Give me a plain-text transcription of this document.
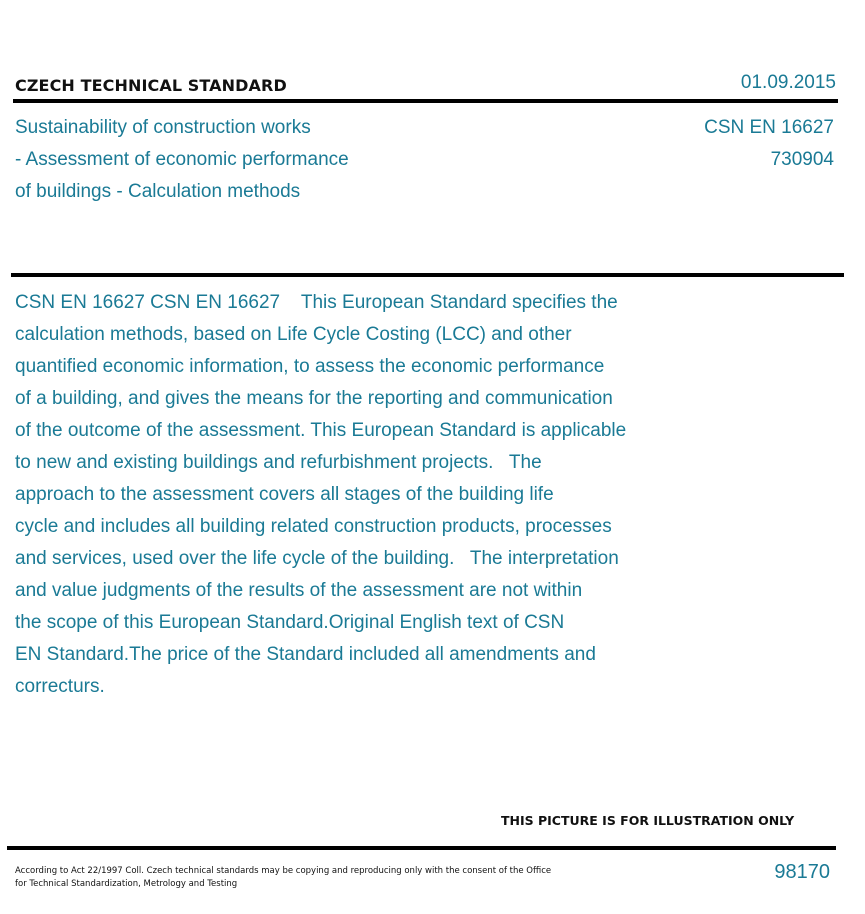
CZECH TECHNICAL STANDARD	01.09.2015
Sustainability of construction works
- Assessment of economic performance
of buildings - Calculation methods
CSN EN 16627
730904
CSN EN 16627 CSN EN 16627    This European Standard specifies the
calculation methods, based on Life Cycle Costing (LCC) and other
quantified economic information, to assess the economic performance
of a building, and gives the means for the reporting and communication
of the outcome of the assessment. This European Standard is applicable
to new and existing buildings and refurbishment projects.   The
approach to the assessment covers all stages of the building life
cycle and includes all building related construction products, processes
and services, used over the life cycle of the building.   The interpretation
and value judgments of the results of the assessment are not within
the scope of this European Standard.Original English text of CSN
EN Standard.The price of the Standard included all amendments and
correcturs.
THIS PICTURE IS FOR ILLUSTRATION ONLY
According to Act 22/1997 Coll. Czech technical standards may be copying and reproducing only with the consent of the Office
for Technical Standardization, Metrology and Testing
98170
